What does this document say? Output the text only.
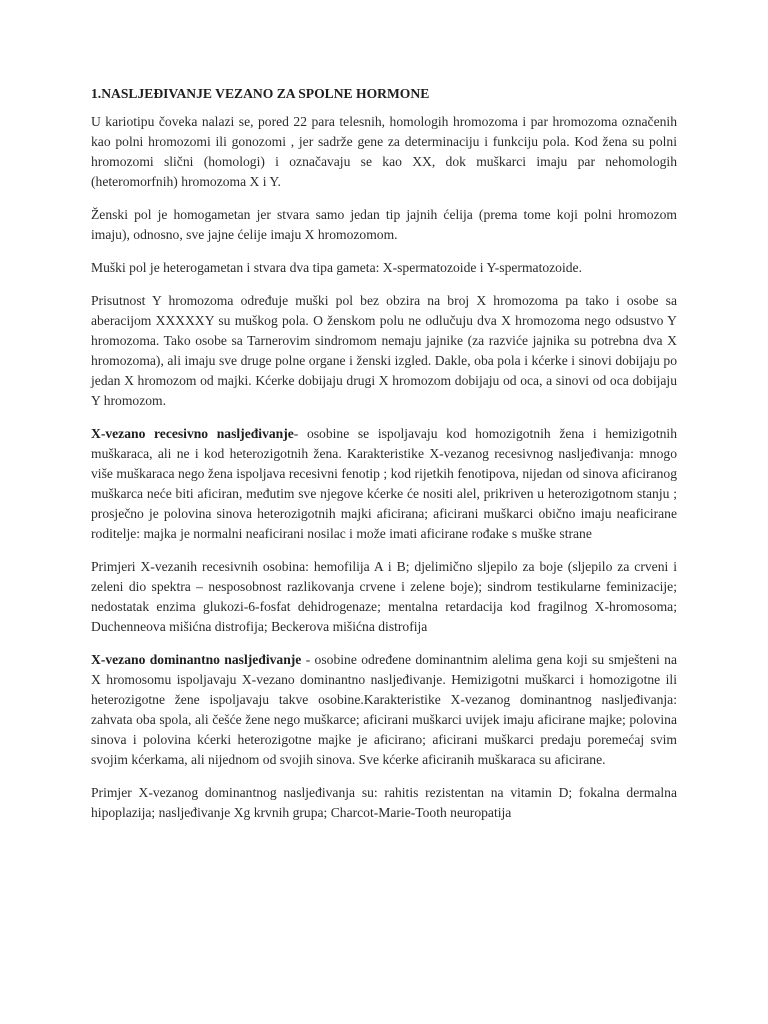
1.NASLJEĐIVANJE VEZANO ZA SPOLNE HORMONE

U kariotipu čoveka nalazi se, pored 22 para telesnih, homologih hromozoma i par hromozoma označenih kao polni hromozomi ili gonozomi , jer sadrže gene za determinaciju i funkciju pola. Kod žena su polni hromozomi slični (homologi) i označavaju se kao XX, dok muškarci imaju par nehomologih (heteromorfnih) hromozoma X i Y.

Ženski pol je homogametan jer stvara samo jedan tip jajnih ćelija (prema tome koji polni hromozom imaju), odnosno, sve jajne ćelije imaju X hromozomom.

Muški pol je heterogametan i stvara dva tipa gameta: X-spermatozoide i Y-spermatozoide.

Prisutnost Y hromozoma određuje muški pol bez obzira na broj X hromozoma pa tako i osobe sa aberacijom XXXXXY su muškog pola. O ženskom polu ne odlučuju dva X hromozoma nego odsustvo Y hromozoma. Tako osobe sa Tarnerovim sindromom nemaju jajnike (za razviće jajnika su potrebna dva X hromozoma), ali imaju sve druge polne organe i ženski izgled. Dakle, oba pola i kćerke i sinovi dobijaju po jedan X hromozom od majki. Kćerke dobijaju drugi X hromozom dobijaju od oca, a sinovi od oca dobijaju Y hromozom.

X-vezano recesivno nasljeđivanje- osobine se ispoljavaju kod homozigotnih žena i hemizigotnih muškaraca, ali ne i kod heterozigotnih žena. Karakteristike X-vezanog recesivnog nasljeđivanja: mnogo više muškaraca nego žena ispoljava recesivni fenotip ; kod rijetkih fenotipova, nijedan od sinova aficiranog muškarca neće biti aficiran, međutim sve njegove kćerke će nositi alel, prikriven u heterozigotnom stanju ; prosječno je polovina sinova heterozigotnih majki aficirana; aficirani muškarci obično imaju neaficirane roditelje: majka je normalni neaficirani nosilac i može imati aficirane rođake s muške strane

Primjeri X-vezanih recesivnih osobina: hemofilija A i B; djelimično sljepilo za boje (sljepilo za crveni i zeleni dio spektra – nesposobnost razlikovanja crvene i zelene boje); sindrom testikularne feminizacije; nedostatak enzima glukozi-6-fosfat dehidrogenaze; mentalna retardacija kod fragilnog X-hromosoma; Duchenneova mišićna distrofija; Beckerova mišićna distrofija

X-vezano dominantno nasljeđivanje - osobine određene dominantnim alelima gena koji su smješteni na X hromosomu ispoljavaju X-vezano dominantno nasljeđivanje. Hemizigotni muškarci i homozigotne ili heterozigotne žene ispoljavaju takve osobine.Karakteristike X-vezanog dominantnog nasljeđivanja: zahvata oba spola, ali češće žene nego muškarce; aficirani muškarci uvijek imaju aficirane majke; polovina sinova i polovina kćerki heterozigotne majke je aficirano; aficirani muškarci predaju poremećaj svim svojim kćerkama, ali nijednom od svojih sinova. Sve kćerke aficiranih muškaraca su aficirane.

Primjer X-vezanog dominantnog nasljeđivanja su: rahitis rezistentan na vitamin D; fokalna dermalna hipoplazija; nasljeđivanje Xg krvnih grupa; Charcot-Marie-Tooth neuropatija
